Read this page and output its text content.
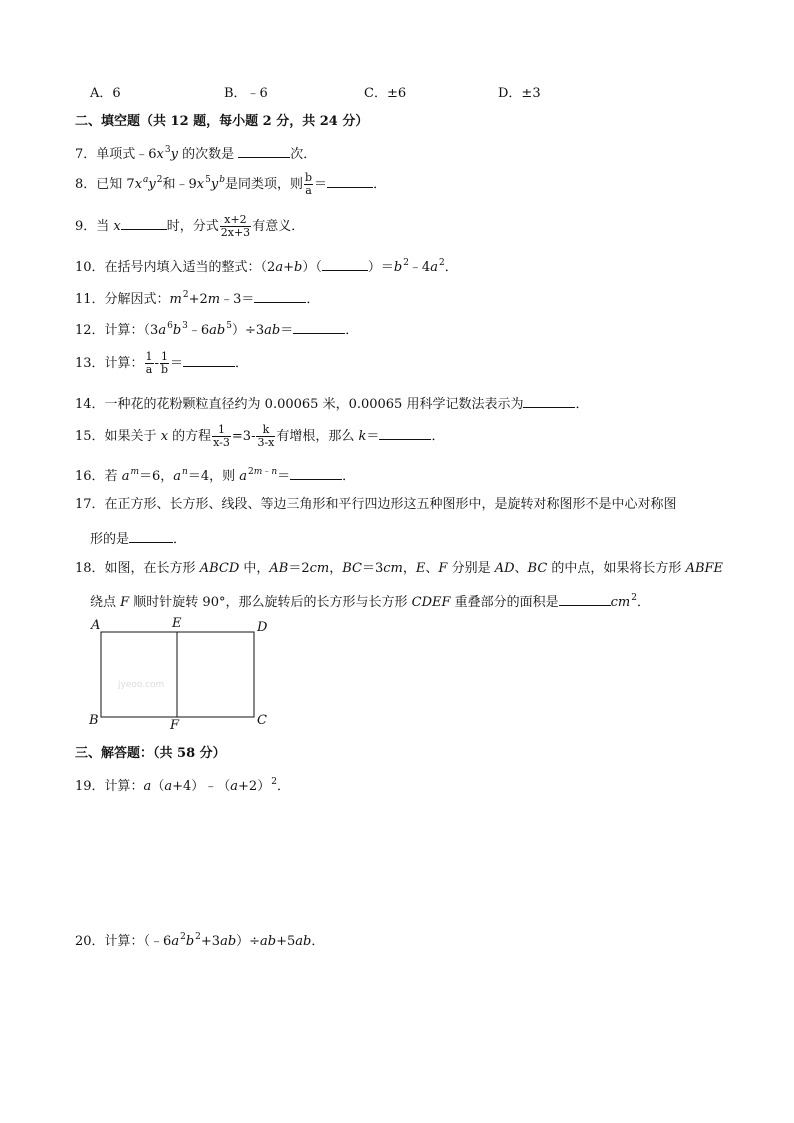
A．6	B．﹣6	C．±6	D．±3
二、填空题（共 12 题，每小题 2 分，共 24 分）
7．单项式$﹣6x^3y$ 的次数是	次．
8．已知 $7x^ay^2$和$﹣9x^5y^b$是同类项，则 $\frac{b}{a}$ ＝	．
9．当 x	时，分式 $\frac{x+2}{2x+3}$ 有意义．
10．在括号内填入适当的整式：（2a+b）（	）$=b^2﹣4a^2$．
11．分解因式：$m^2+2m﹣3=$	．
12．计算：$(3a^6b^3﹣6ab^5)\div 3ab=$	．
13．计算： $\frac{1}{a} - \frac{1}{b}$ ＝	．
14．一种花的花粉颗粒直径约为 0.00065 米，0.00065 用科学记数法表示为	．
15．如果关于 x 的方程 $\frac{1}{x-3} =3- \frac{k}{3-x}$ 有增根，那么 k＝	．
16．若 $a^m=6$，$a^n=4$，则 $a^{2m﹣n}=$	．
17．在正方形、长方形、线段、等边三角形和平行四边形这五种图形中，是旋转对称图形不是中心对称图
形的是	．
18．如图，在长方形 ABCD 中，AB＝2cm，BC＝3cm，E、F 分别是 AD、BC 的中点，如果将长方形 ABFE
绕点 F 顺时针旋转 90°，那么旋转后的长方形与长方形 CDEF 重叠部分的面积是	$cm^2$．
A	E	D
B	F	C
jyeoo.com
三、解答题：（共 58 分）
19．计算：$a(a+4)﹣(a+2)^2$．
20．计算：$(﹣6a^2b^2+3ab)\div ab+5ab$．
